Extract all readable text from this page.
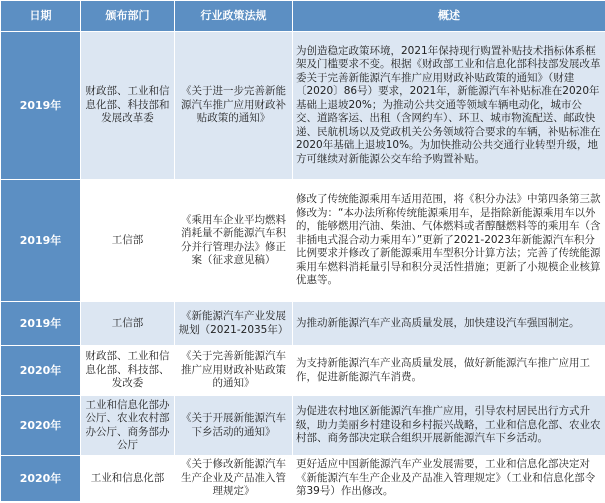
日期	颁布部门	行业政策法规	概述
2019年	财政部、工业和信息化部、科技部和发展改革委	《关于进一步完善新能源汽车推广应用财政补贴政策的通知》	为创造稳定政策环境，2021年保持现行购置补贴技术指标体系框架及门槛要求不变。根据《财政部工业和信息化部科技部发展改革委关于完善新能源汽车推广应用财政补贴政策的通知》（财建〔2020〕86号）要求，2021年，新能源汽车补贴标准在2020年基础上退坡20%；为推动公共交通等领域车辆电动化，城市公交、道路客运、出租（含网约车）、环卫、城市物流配送、邮政快递、民航机场以及党政机关公务领域符合要求的车辆，补贴标准在2020年基础上退坡10%。为加快推动公共交通行业转型升级，地方可继续对新能源公交车给予购置补贴。
2019年	工信部	《乘用车企业平均燃料消耗量不新能源汽车积分并行管理办法》修正案（征求意见稿）	修改了传统能源乘用车适用范围，将《积分办法》中第四条第三款修改为：“本办法所称传统能源乘用车，是指除新能源乘用车以外的，能够燃用汽油、柴油、气体燃料或者醇醚燃料等的乘用车（含非插电式混合动力乘用车）”更新了2021-2023年新能源汽车积分比例要求并修改了新能源乘用车型积分计算方法；完善了传统能源乘用车燃料消耗量引导和积分灵活性措施；更新了小规模企业核算优惠等。
2019年	工信部	《新能源汽车产业发展规划（2021-2035年）	为推动新能源汽车产业高质量发展，加快建设汽车强国制定。
2020年	财政部、工业和信息化部、科技部、发改委	《关于完善新能源汽车推广应用财政补贴政策的通知》	为支持新能源汽车产业高质量发展，做好新能源汽车推广应用工作，促进新能源汽车消费。
2020年	工业和信息化部办公厅、农业农村部办公厅、商务部办公厅	《关于开展新能源汽车下乡活动的通知》	为促进农村地区新能源汽车推广应用，引导农村居民出行方式升级，助力美丽乡村建设和乡村振兴战略，工业和信息化部、农业农村部、商务部决定联合组织开展新能源汽车下乡活动。
2020年	工业和信息化部	《关于修改新能源汽车生产企业及产品准入管理规定》	更好适应中国新能源汽车产业发展需要，工业和信息化部决定对《新能源汽车生产企业及产品准入管理规定》（工业和信息化部令第39号）作出修改。
